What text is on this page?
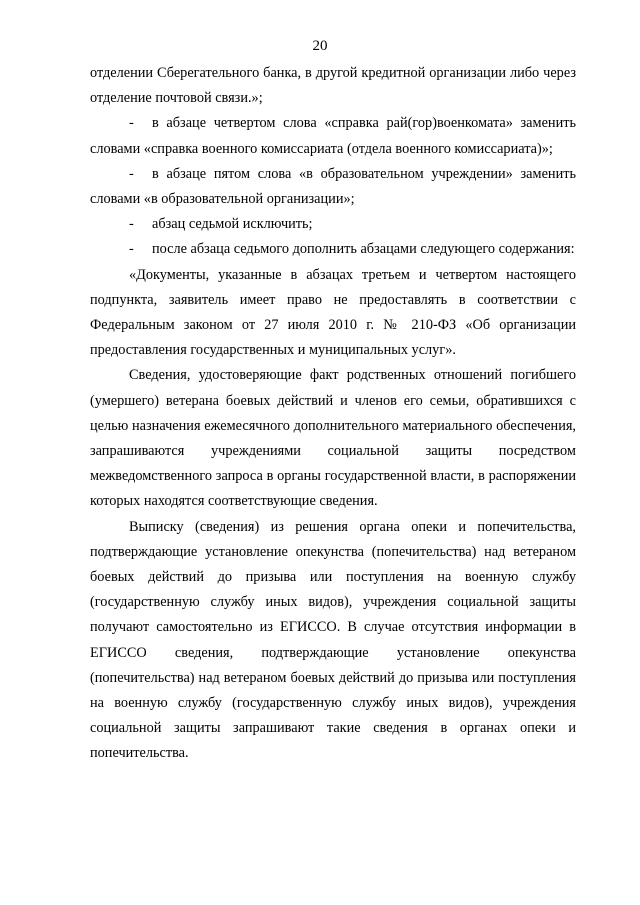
20

отделении Сберегательного банка, в другой кредитной организации либо через отделение почтовой связи.»;

- в абзаце четвертом слова «справка рай(гор)военкомата» заменить словами «справка военного комиссариата (отдела военного комиссариата)»;

- в абзаце пятом слова «в образовательном учреждении» заменить словами «в образовательной организации»;

- абзац седьмой исключить;

- после абзаца седьмого дополнить абзацами следующего содержания:

«Документы, указанные в абзацах третьем и четвертом настоящего подпункта, заявитель имеет право не предоставлять в соответствии с Федеральным законом от 27 июля 2010 г. № 210-ФЗ «Об организации предоставления государственных и муниципальных услуг».

Сведения, удостоверяющие факт родственных отношений погибшего (умершего) ветерана боевых действий и членов его семьи, обратившихся с целью назначения ежемесячного дополнительного материального обеспечения, запрашиваются учреждениями социальной защиты посредством межведомственного запроса в органы государственной власти, в распоряжении которых находятся соответствующие сведения.

Выписку (сведения) из решения органа опеки и попечительства, подтверждающие установление опекунства (попечительства) над ветераном боевых действий до призыва или поступления на военную службу (государственную службу иных видов), учреждения социальной защиты получают самостоятельно из ЕГИССО. В случае отсутствия информации в ЕГИССО сведения, подтверждающие установление опекунства (попечительства) над ветераном боевых действий до призыва или поступления на военную службу (государственную службу иных видов), учреждения социальной защиты запрашивают такие сведения в органах опеки и попечительства.
